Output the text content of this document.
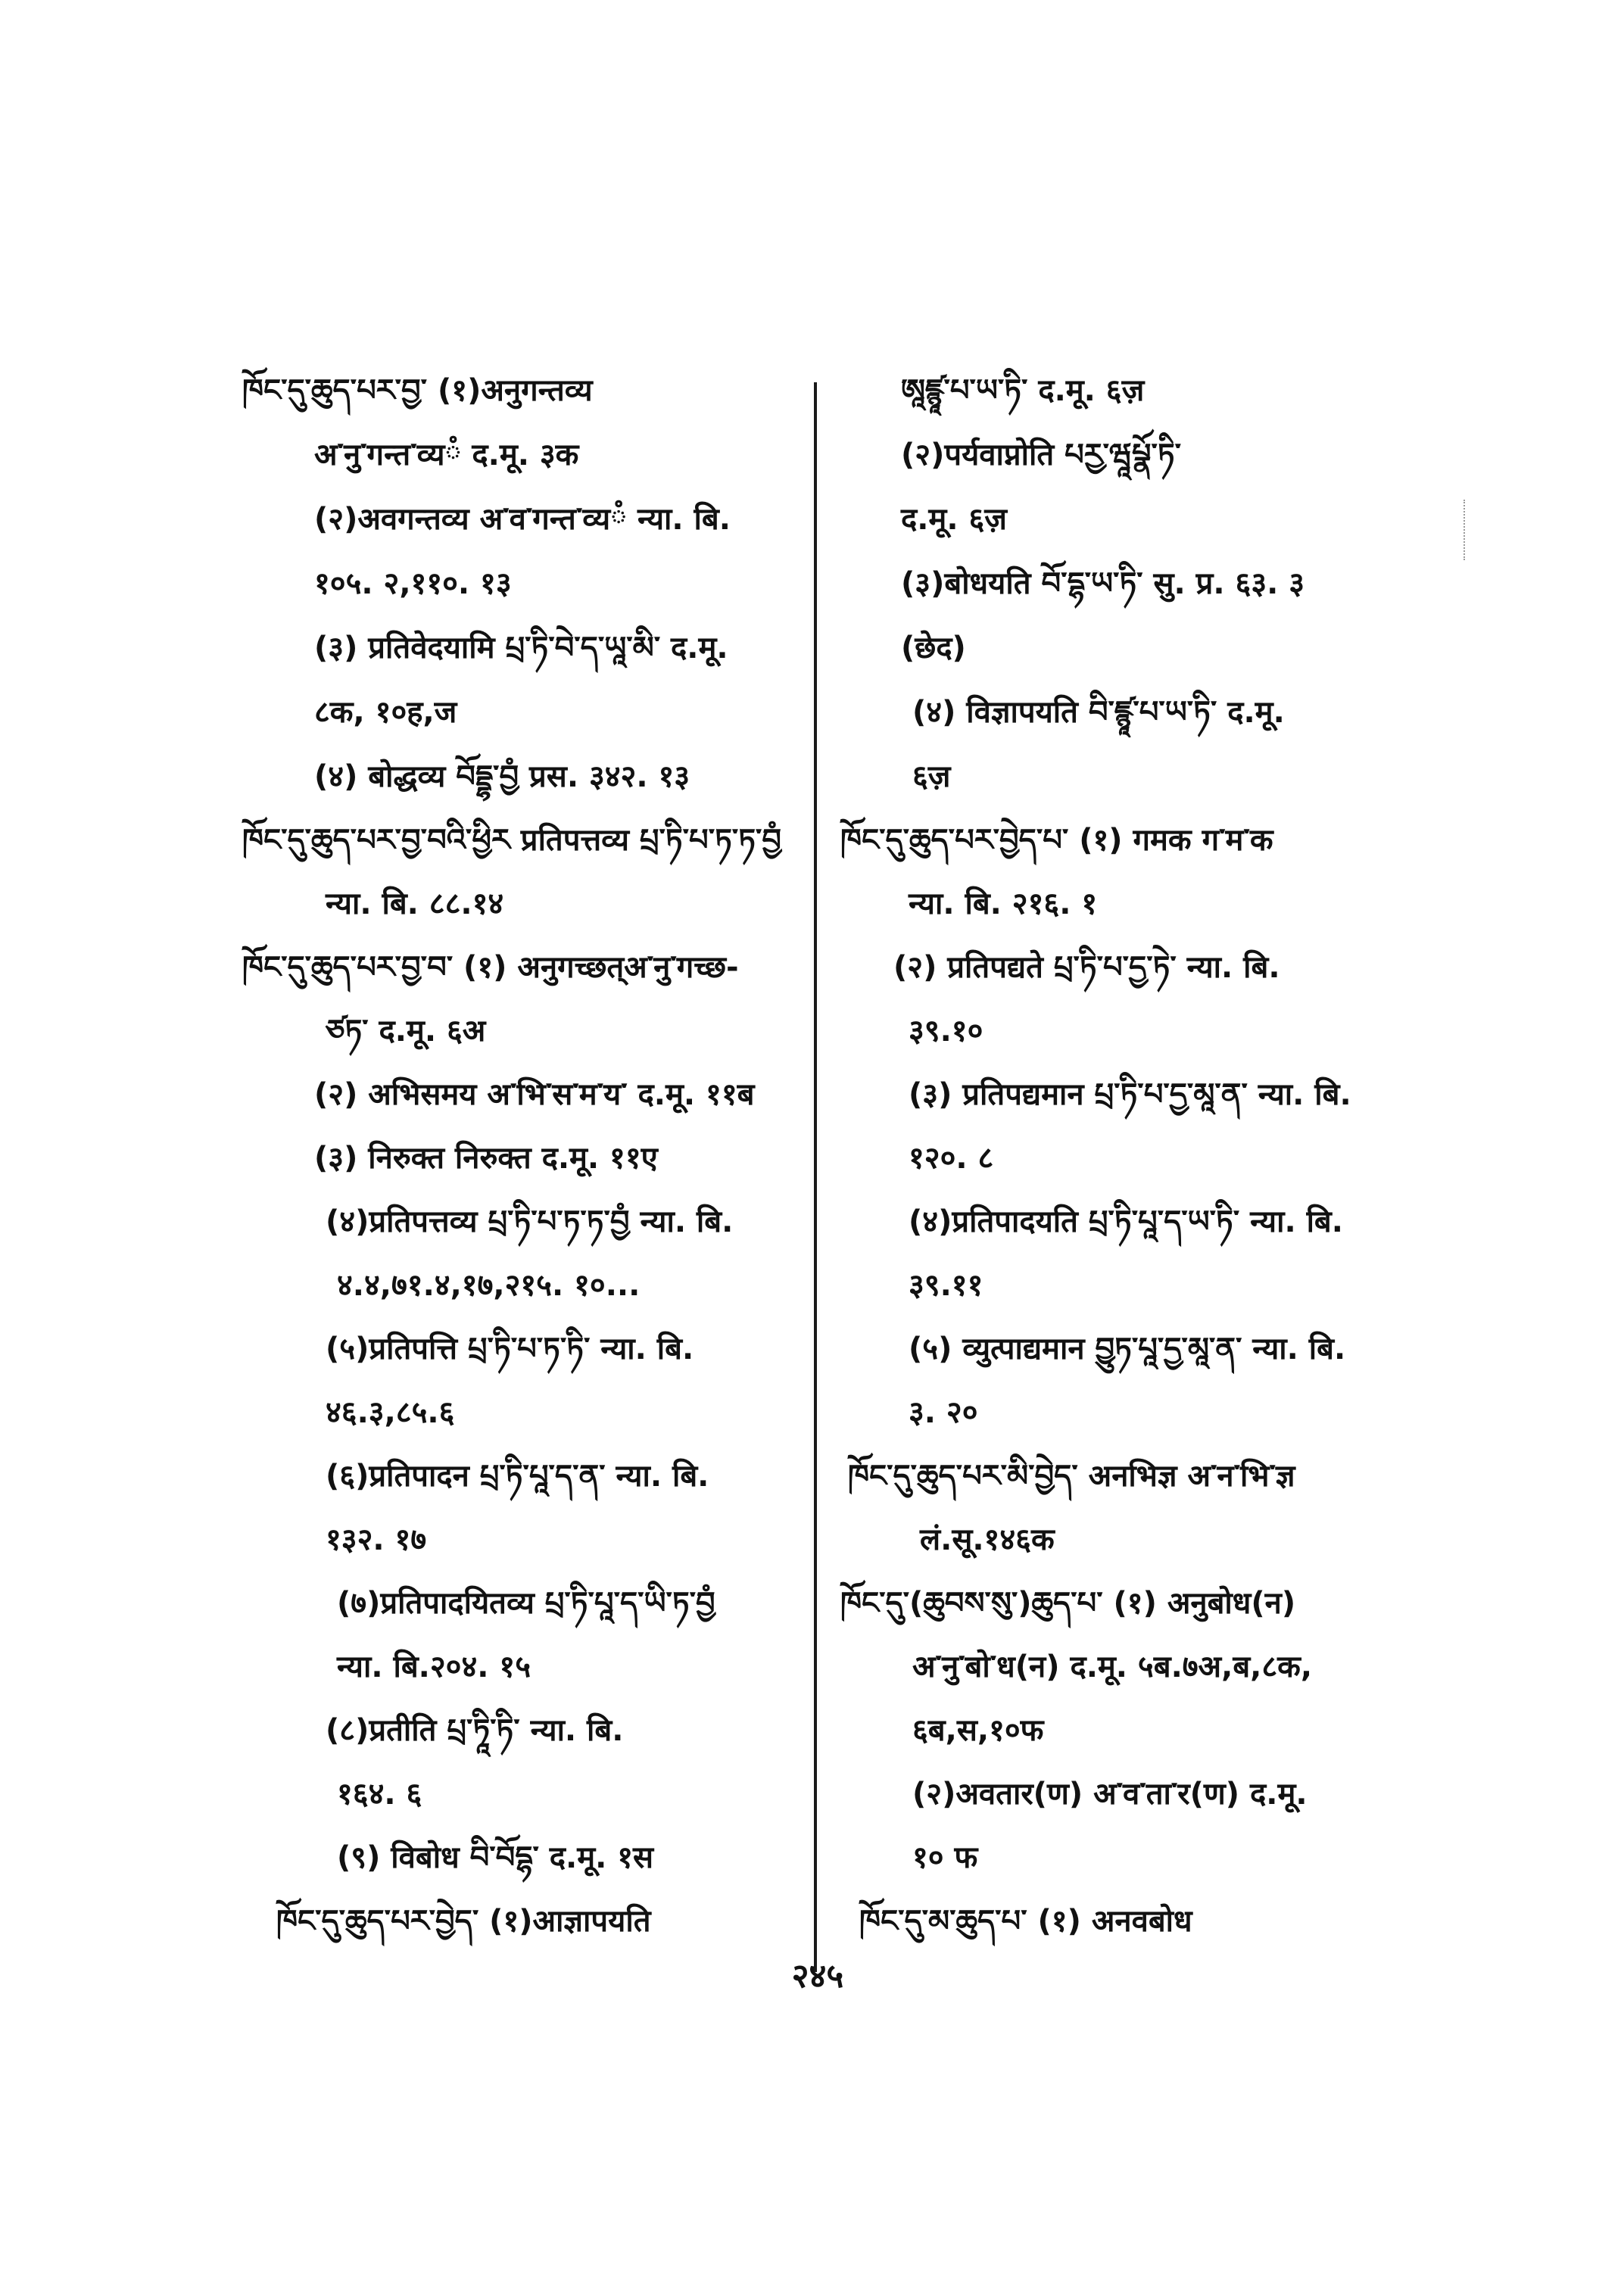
ཁོང་དུ་ཆུད་པར་བྱ་ (१)अनुगन्तव्य
अ་नु་गन्त་व्यཾ द.मू. ३क
(२)अवगन्तव्य अ་व་गन्त་व्यཾ न्या. बि.
१०५. २,११०. १३
(३) प्रतिवेदयामि པྲ་ཏི་བེ་ད་ཡཱ་མི་ द.मू.
८क, १०ह,ज
(४) बोद्धव्य བོདྡྷ་བྱཾ प्रस. ३४२. १३
ཁོང་དུ་ཆུད་པར་བྱ་བའི་ཕྱིར प्रतिपत्तव्य པྲ་ཏི་པ་ཏ་ཏ་བྱཾ
न्या. बि. ८८.१४
ཁོང་དུ་ཆུད་པར་བྱ་བ་ (१) अनुगच्छत्अ་नु་गच्छ-
ཙཏ་ द.मू. ६अ
(२) अभिसमय अ་भि་स་म་य་ द.मू. ११ब
(३) निरुक्त निरुक्त द.मू. ११ए
(४)प्रतिपत्तव्य པྲ་ཏི་པ་ཏ་ཏ་བྱཾ न्या. बि.
४.४,७१.४,१७,२१५. १०...
(५)प्रतिपत्ति པྲ་ཏི་པ་ཏ་ཏི་ न्या. बि.
४६.३,८५.६
(६)प्रतिपादन པྲ་ཏི་པཱ་ད་ན་ न्या. बि.
१३२. १७
(७)प्रतिपादयितव्य པྲ་ཏི་པཱ་ད་ཡི་ཏ་བྱཾ
न्या. बि.२०४. १५
(८)प्रतीति པྲ་ཏཱི་ཏི་ न्या. बि.
१६४. ६
(९) विबोध བི་བོདྷ་ द.मू. १स
ཁོང་དུ་ཆུད་པར་བྱེད་ (१)आज्ञापयति
ཨཱཛྙཱ་པ་ཡ་ཏི་ द.मू. ६ज़
(२)पर्यवाप्नोति པརྱ་ཝཱཔྣོ་ཏི་
द.मू. ६ज़
(३)बोधयति བོ་དྷ་ཡ་ཏི་ सु. प्र. ६३. ३
(छेद)
(४) विज्ञापयति བི་ཛྙཱ་པ་ཡ་ཏི་ द.मू.
६ज़
ཁོང་དུ་ཆུད་པར་བྱེད་པ་ (१) गमक ग་म་क
न्या. बि. २१६. १
(२) प्रतिपद्यते པྲ་ཏི་པ་དྱ་ཏེ་ न्या. बि.
३९.१०
(३) प्रतिपद्यमान པྲ་ཏི་པ་དྱ་མཱ་ན་ न्या. बि.
१२०. ८
(४)प्रतिपादयति པྲ་ཏི་པཱ་ད་ཡ་ཏི་ न्या. बि.
३९.११
(५) व्युत्पाद्यमान བྱུཏ་པཱ་དྱ་མཱ་ན་ न्या. बि.
३. २०
ཁོང་དུ་ཆུད་པར་མི་བྱེད་ अनभिज्ञ अ་न་भि་ज्ञ
लं.सू.१४६क
ཁོང་དུ་(ཆུབས་སུ་)ཆུད་པ་ (१) अनुबोध(न)
अ་नु་बो་ध(न) द.मू. ५ब.७अ,ब,८क,
६ब,स,१०फ
(२)अवतार(ण) अ་व་ता་र(ण) द.मू.
१० फ
ཁོང་དུ་མ་ཆུད་པ་ (१) अनवबोध
२४५
